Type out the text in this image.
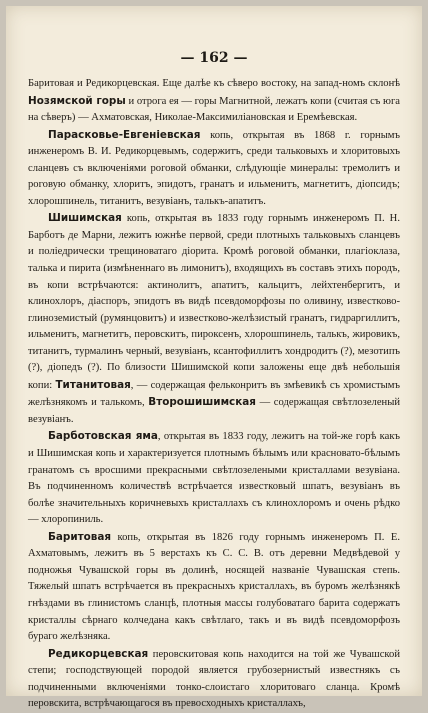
— 162 —

Баритовая и Редикорцевская. Еще далѣе къ сѣверо востоку, на запад-номъ склонѣ Нозямской горы и отрога ея — горы Магнитной, лежатъ копи (считая съ юга на сѣверъ) — Ахматовская, Николае-Максимиліановская и Еремѣевская.

Парасковье-Евгеніевская копь, открытая въ 1868 г. горнымъ инженеромъ В. И. Редикорцевымъ, содержитъ, среди тальковыхъ и хлоритовыхъ сланцевъ съ включеніями роговой обманки, слѣдующіе минералы: тремолитъ и роговую обманку, хлоритъ, эпидотъ, гранатъ и ильменитъ, магнетитъ, діопсидъ; хлорошпинель, титанитъ, везувіанъ, талькъ-апатитъ.

Шишимская копь, открытая въ 1833 году горнымъ инженеромъ П. Н. Барботъ де Марни, лежитъ южнѣе первой, среди плотныхъ тальковыхъ сланцевъ и поліедрически трещиноватаго діорита. Кромѣ роговой обманки, плагіоклаза, талька и пирита (измѣненнаго въ лимонитъ), входящихъ въ составъ этихъ породъ, въ копи встрѣчаются: актинолитъ, апатитъ, кальцитъ, лейхтенбергитъ, и клинохлоръ, діаспоръ, эпидотъ въ видѣ псевдоморфозы по оливину, известково-глиноземистый (румянцовитъ) и известково-желѣзистый гранатъ, гидраргиллитъ, ильменитъ, магнетитъ, перовскитъ, пироксенъ, хлорошпинель, талькъ, жировикъ, титанитъ, турмалинъ черный, везувіанъ, ксантофиллитъ хондродитъ (?), мезотипъ (?), діопедъ (?). По близости Шишимской копи заложены еще двѣ небольшія копи: Титанитовая, — содержащая фельконритъ въ змѣевикѣ съ хромистымъ желѣзнякомъ и талькомъ, Второшишимская — содержащая свѣтлозеленый везувіанъ.

Барботовская яма, открытая въ 1833 году, лежитъ на той-же горѣ какъ и Шишимская копь и характеризуется плотнымъ бѣлымъ или красновато-бѣлымъ гранатомъ съ вросшими прекрасными свѣтлозелеными кристаллами везувіана. Въ подчиненномъ количествѣ встрѣчается известковый шпатъ, везувіанъ въ болѣе значительныхъ коричневыхъ кристаллахъ съ клинохлоромъ и очень рѣдко — хлоропиниль.

Баритовая копь, открытая въ 1826 году горнымъ инженеромъ П. Е. Ахматовымъ, лежитъ въ 5 верстахъ къ С. С. В. отъ деревни Медвѣдевой у подножья Чувашской горы въ долинѣ, носящей названіе Чувашская степь. Тяжелый шпатъ встрѣчается въ прекрасныхъ кристаллахъ, въ буромъ желѣзнякѣ гнѣздами въ глинистомъ сланцѣ, плотныя массы голубоватаго барита содержатъ кристаллы сѣрнаго колчедана какъ свѣтлаго, такъ и въ видѣ псевдоморфозъ бураго желѣзняка.

Редикорцевская перовскитовая копь находится на той же Чувашской степи; господствующей породой является грубозернистый известнякъ съ подчиненными включеніями тонко-слоистаго хлоритоваго сланца. Кромѣ перовскита, встрѣчающагося въ превосходныхъ кристаллахъ,
